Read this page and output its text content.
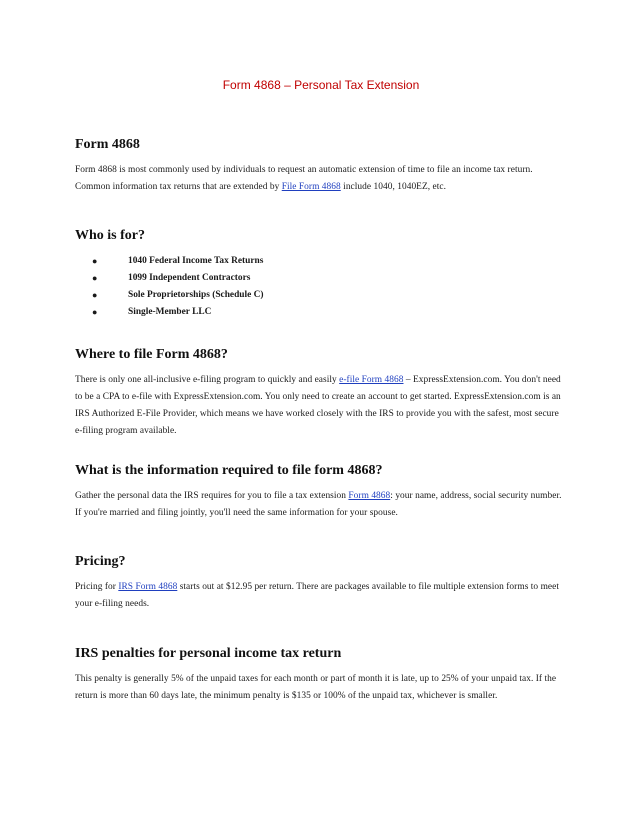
Form 4868 – Personal Tax Extension
Form 4868

Form 4868 is most commonly used by individuals to request an automatic extension of time to file an income tax return. Common information tax returns that are extended by File Form 4868 include 1040, 1040EZ, etc.

Who is for?
●	1040 Federal Income Tax Returns
●	1099 Independent Contractors
●	Sole Proprietorships (Schedule C)
●	Single-Member LLC
Where to file Form 4868?

There is only one all-inclusive e-filing program to quickly and easily e-file Form 4868 – ExpressExtension.com. You don't need to be a CPA to e-file with ExpressExtension.com. You only need to create an account to get started. ExpressExtension.com is an IRS Authorized E-File Provider, which means we have worked closely with the IRS to provide you with the safest, most secure e-filing program available.

What is the information required to file form 4868?

Gather the personal data the IRS requires for you to file a tax extension Form 4868: your name, address, social security number. If you're married and filing jointly, you'll need the same information for your spouse.

Pricing?

Pricing for IRS Form 4868 starts out at $12.95 per return. There are packages available to file multiple extension forms to meet your e-filing needs.

IRS penalties for personal income tax return

This penalty is generally 5% of the unpaid taxes for each month or part of month it is late, up to 25% of your unpaid tax. If the return is more than 60 days late, the minimum penalty is $135 or 100% of the unpaid tax, whichever is smaller.
